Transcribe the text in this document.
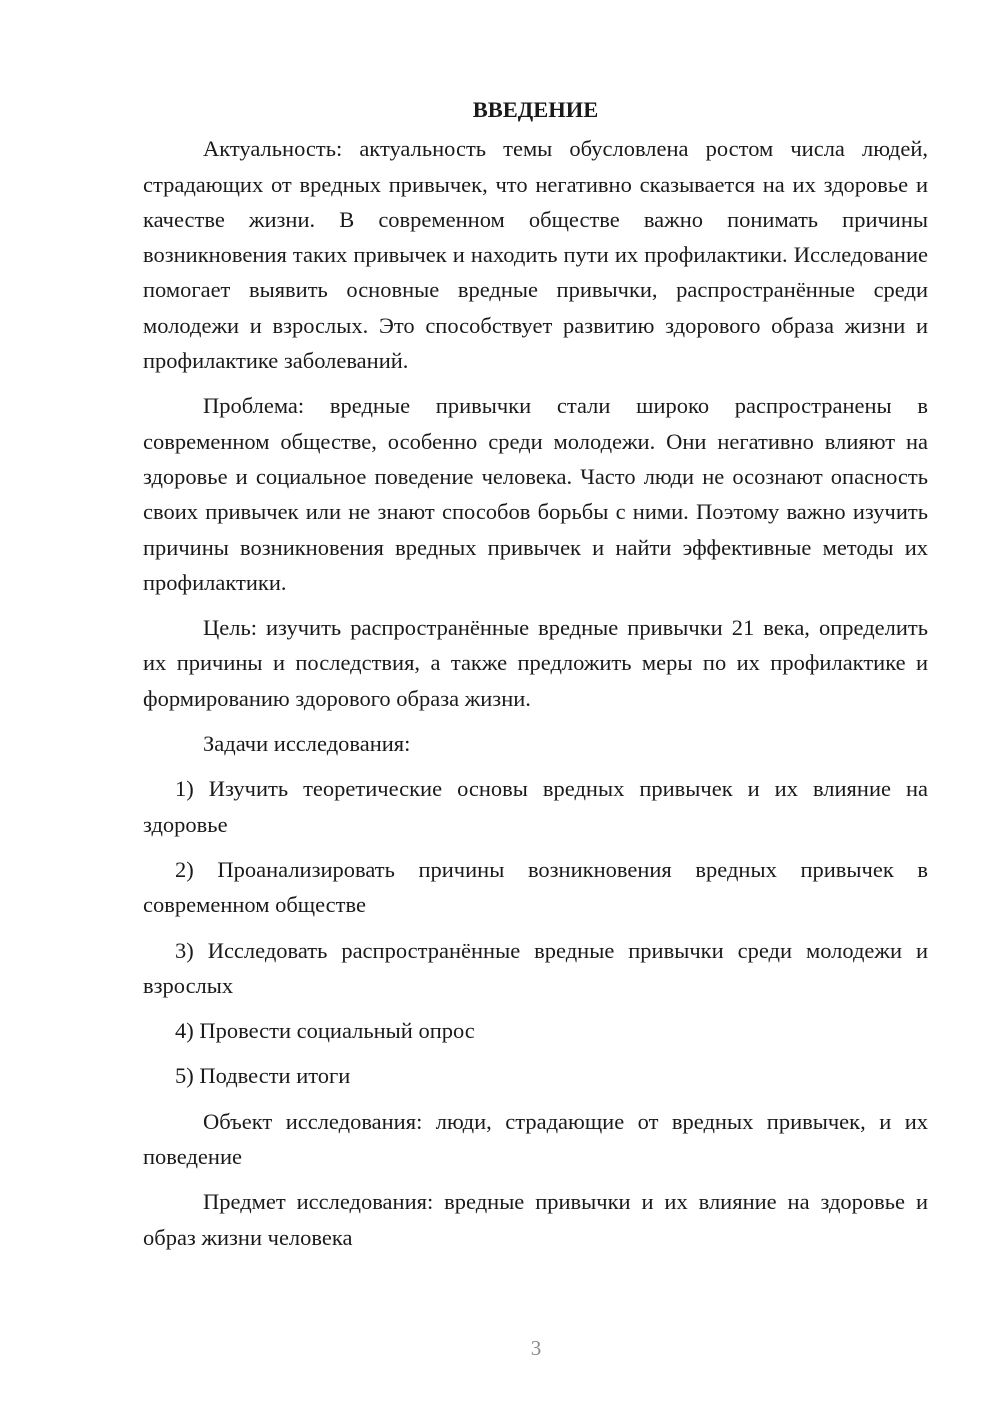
ВВЕДЕНИЕ

Актуальность: актуальность темы обусловлена ростом числа людей, страдающих от вредных привычек, что негативно сказывается на их здоровье и качестве жизни. В современном обществе важно понимать причины возникновения таких привычек и находить пути их профилактики. Исследование помогает выявить основные вредные привычки, распространённые среди молодежи и взрослых. Это способствует развитию здорового образа жизни и профилактике заболеваний.

Проблема: вредные привычки стали широко распространены в современном обществе, особенно среди молодежи. Они негативно влияют на здоровье и социальное поведение человека. Часто люди не осознают опасность своих привычек или не знают способов борьбы с ними. Поэтому важно изучить причины возникновения вредных привычек и найти эффективные методы их профилактики.

Цель: изучить распространённые вредные привычки 21 века, определить их причины и последствия, а также предложить меры по их профилактике и формированию здорового образа жизни.

Задачи исследования:

1) Изучить теоретические основы вредных привычек и их влияние на здоровье

2) Проанализировать причины возникновения вредных привычек в современном обществе

3) Исследовать распространённые вредные привычки среди молодежи и взрослых

4) Провести социальный опрос

5) Подвести итоги

Объект исследования: люди, страдающие от вредных привычек, и их поведение

Предмет исследования: вредные привычки и их влияние на здоровье и образ жизни человека

3
